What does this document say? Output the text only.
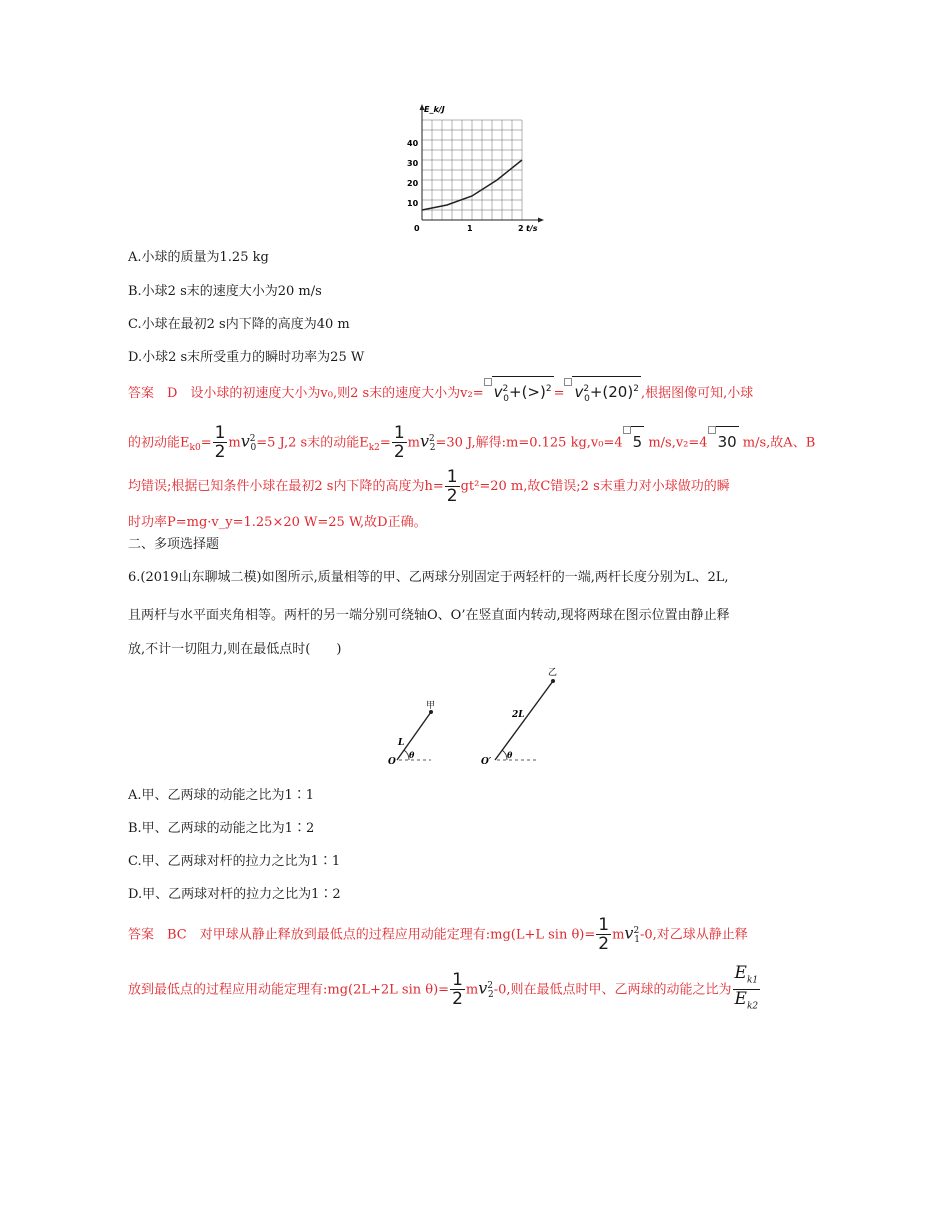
E_k/J
t/s
40
30
20
10
0	1	2
A.小球的质量为1.25 kg
B.小球2 s末的速度大小为20 m/s
C.小球在最初2 s内下降的高度为40 m
D.小球2 s末所受重力的瞬时功率为25 W
答案　D　设小球的初速度大小为v₀,则2 s末的速度大小为$v_2= v^2_0+(>)^2 = v^2_0+(20)^2$ ,根据图像可知,小球
的初动能$E_{k0}= \frac{1}{2} mv^2_0=5$ J,2 s末的动能$E_{k2}= \frac{1}{2} mv^2_2=30$ J,解得:m=0.125 kg,v₀=4 5 m/s,v₂=4 30 m/s,故A、B
均错误;根据已知条件小球在最初2 s内下降的高度为$h= \frac{1}{2} gt^2=20$ m,故C错误;2 s末重力对小球做功的瞬
时功率P=mg·v_y=1.25×20 W=25 W,故D正确。
二、多项选择题
6.(2019山东聊城二模)如图所示,质量相等的甲、乙两球分别固定于两轻杆的一端,两杆长度分别为L、2L,
且两杆与水平面夹角相等。两杆的另一端分别可绕轴O、O’在竖直面内转动,现将两球在图示位置由静止释
放,不计一切阻力,则在最低点时(　　)
甲
L
θ
O
乙
2L
θ
O′
A.甲、乙两球的动能之比为1∶1
B.甲、乙两球的动能之比为1∶2
C.甲、乙两球对杆的拉力之比为1∶1
D.甲、乙两球对杆的拉力之比为1∶2
答案　BC　对甲球从静止释放到最低点的过程应用动能定理有:mg(L+L $\sin \theta)= \frac{1}{2} mv^2_1-0$,对乙球从静止释
放到最低点的过程应用动能定理有:mg(2L+2L $\sin \theta)= \frac{1}{2} mv^2_2-0$,则在最低点时甲、乙两球的动能之比为 $\frac{E_{k1}}{E_{k2}}$
